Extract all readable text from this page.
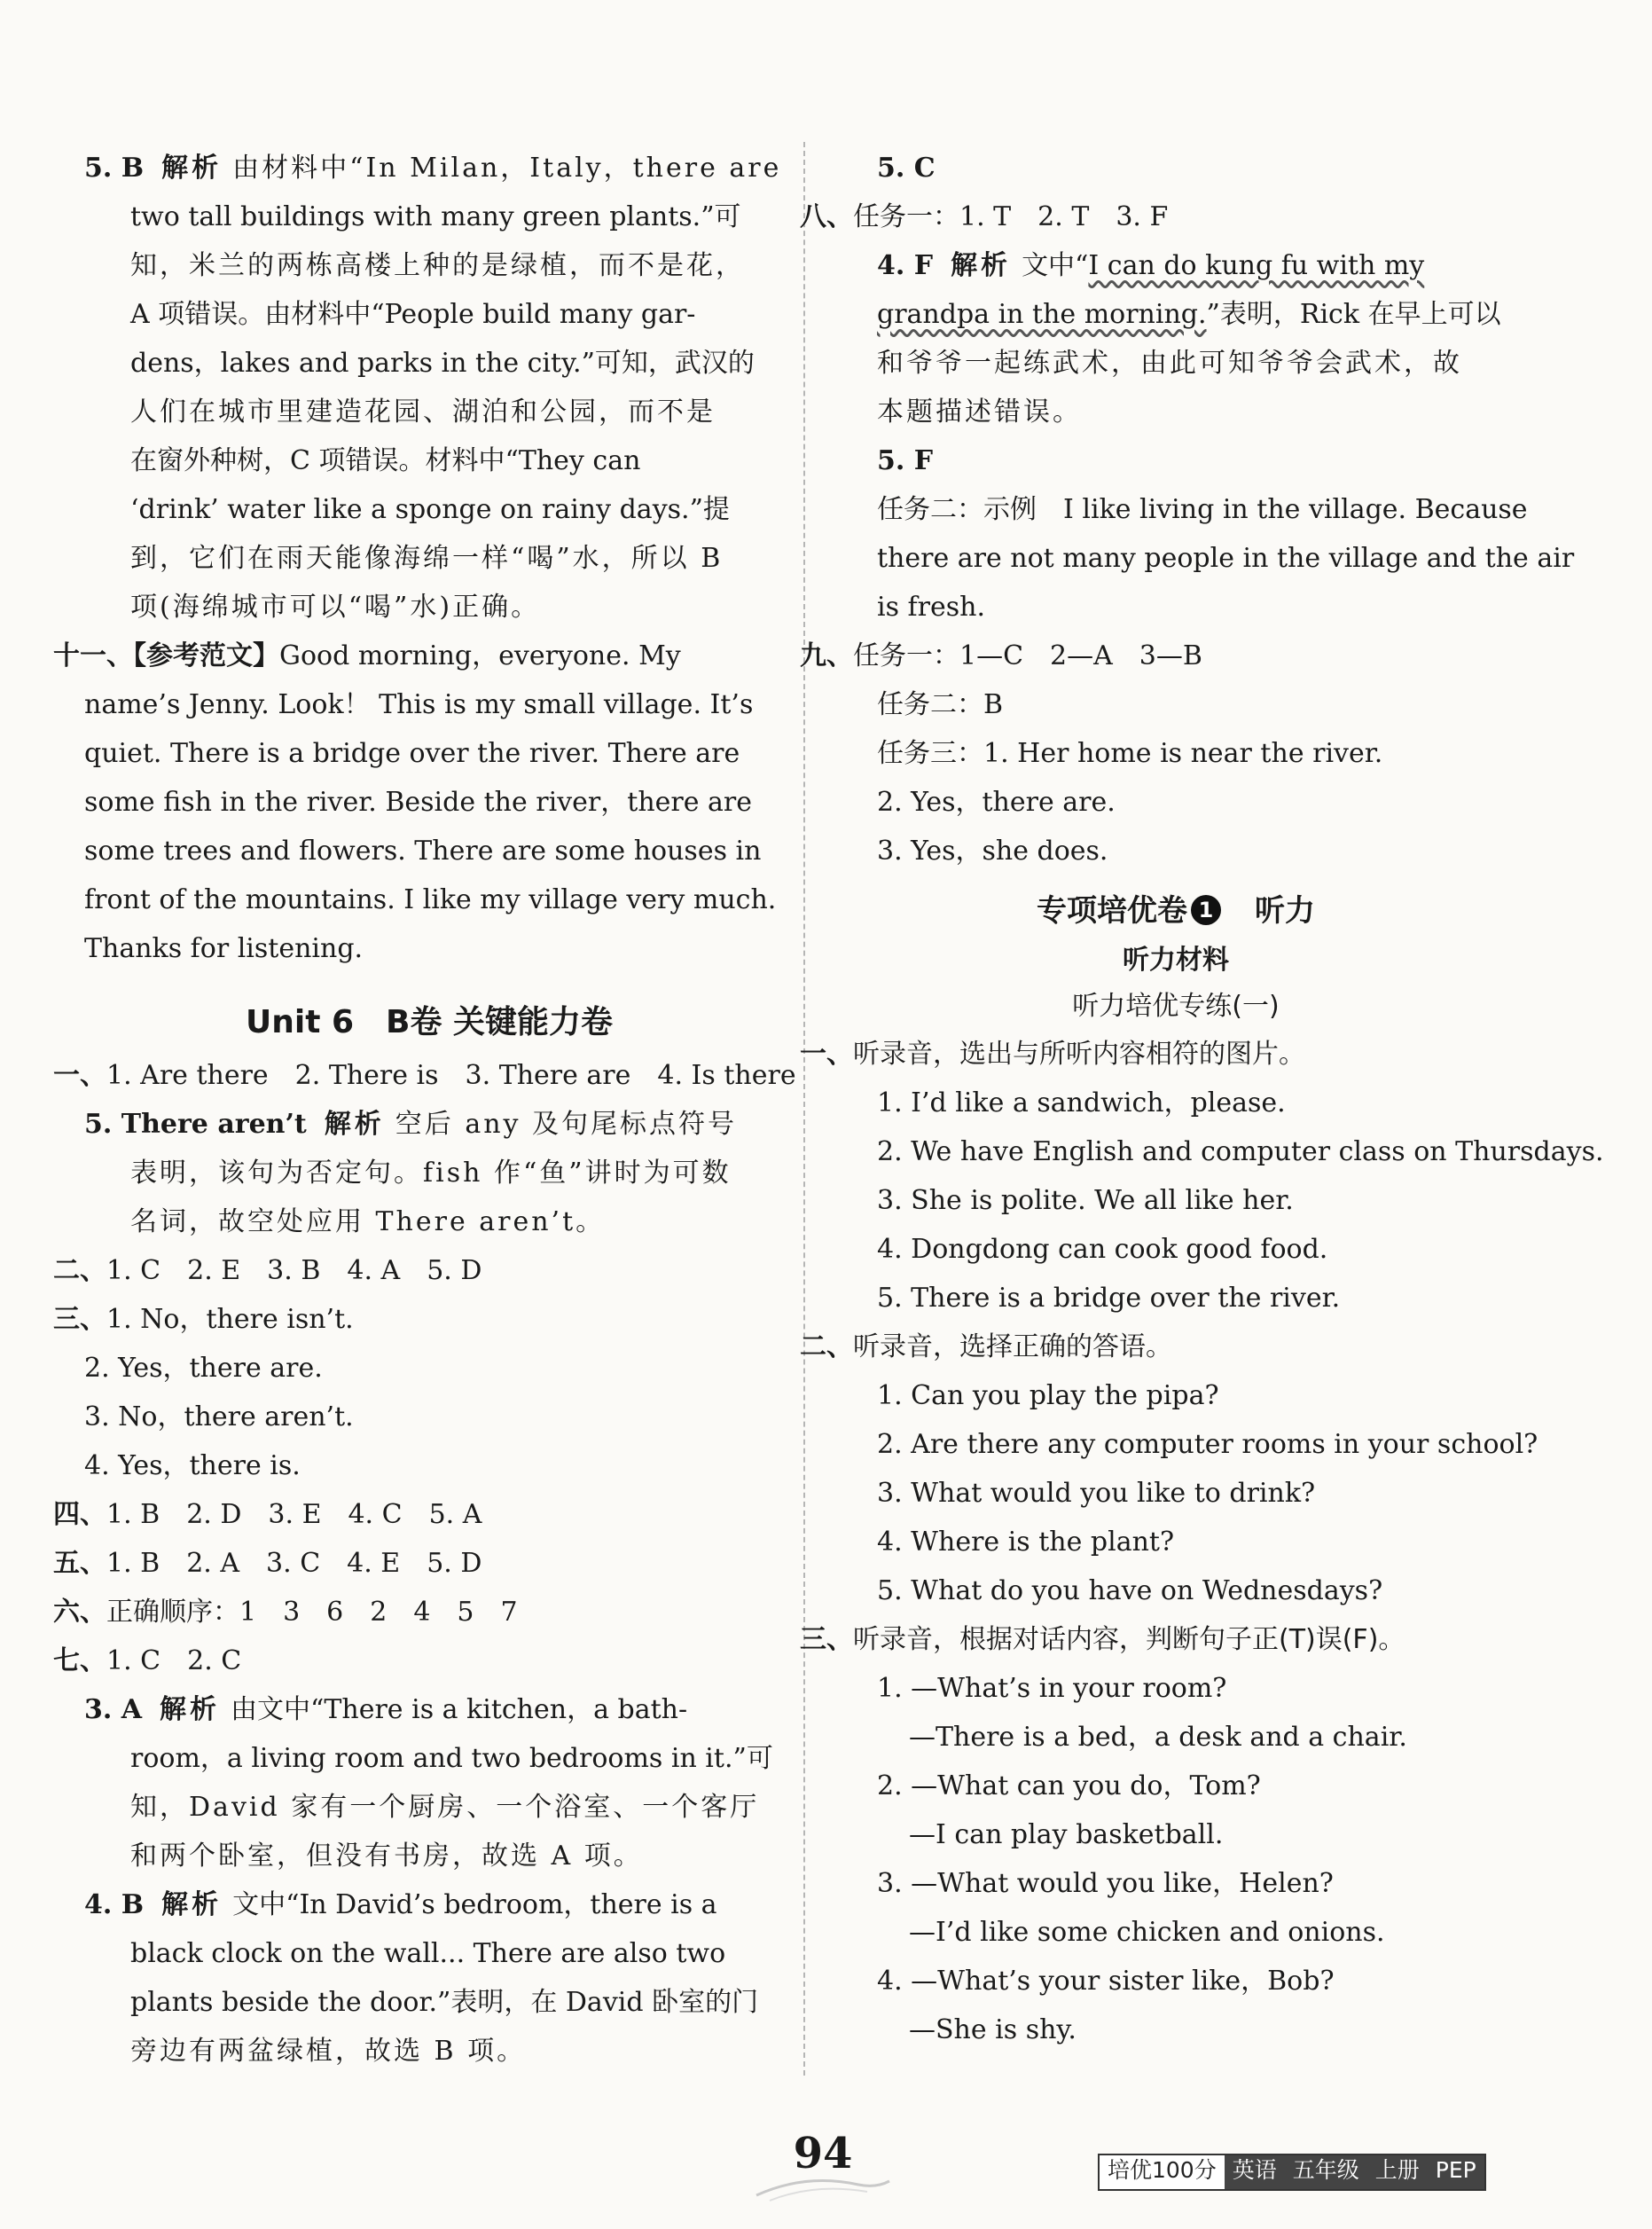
5. B 解析 由材料中“In Milan，Italy，there are
two tall buildings with many green plants.”可
知，米兰的两栋高楼上种的是绿植，而不是花，
A 项错误。由材料中“People build many gar-
dens，lakes and parks in the city.”可知，武汉的
人们在城市里建造花园、湖泊和公园，而不是
在窗外种树，C 项错误。材料中“They can
‘drink’ water like a sponge on rainy days.”提
到，它们在雨天能像海绵一样“喝”水，所以 B
项(海绵城市可以“喝”水)正确。
十一、【参考范文】Good morning，everyone. My
name’s Jenny. Look！ This is my small village. It’s
quiet. There is a bridge over the river. There are
some fish in the river. Beside the river，there are
some trees and flowers. There are some houses in
front of the mountains. I like my village very much.
Thanks for listening.
Unit 6　B卷 关键能力卷
一、1. Are there　2. There is　3. There are　4. Is there
5. There aren’t 解析 空后 any 及句尾标点符号
表明，该句为否定句。fish 作“鱼”讲时为可数
名词，故空处应用 There aren’t。
二、1. C　2. E　3. B　4. A　5. D
三、1. No，there isn’t.
2. Yes，there are.
3. No，there aren’t.
4. Yes，there is.
四、1. B　2. D　3. E　4. C　5. A
五、1. B　2. A　3. C　4. E　5. D
六、正确顺序：1　3　6　2　4　5　7
七、1. C　2. C
3. A 解析 由文中“There is a kitchen，a bath-
room，a living room and two bedrooms in it.”可
知，David 家有一个厨房、一个浴室、一个客厅
和两个卧室，但没有书房，故选 A 项。
4. B 解析 文中“In David’s bedroom，there is a
black clock on the wall... There are also two
plants beside the door.”表明，在 David 卧室的门
旁边有两盆绿植，故选 B 项。
5. C
八、任务一：1. T　2. T　3. F
4. F 解析 文中“I can do kung fu with my
grandpa in the morning.”表明，Rick 在早上可以
和爷爷一起练武术，由此可知爷爷会武术，故
本题描述错误。
5. F
任务二：示例　I like living in the village. Because
there are not many people in the village and the air
is fresh.
九、任务一：1—C　2—A　3—B
任务二：B
任务三：1. Her home is near the river.
2. Yes，there are.
3. Yes，she does.
专项培优卷 1　 听力
听力材料
听力培优专练(一)
一、听录音，选出与所听内容相符的图片。
1. I’d like a sandwich，please.
2. We have English and computer class on Thursdays.
3. She is polite. We all like her.
4. Dongdong can cook good food.
5. There is a bridge over the river.
二、听录音，选择正确的答语。
1. Can you play the pipa?
2. Are there any computer rooms in your school?
3. What would you like to drink?
4. Where is the plant?
5. What do you have on Wednesdays?
三、听录音，根据对话内容，判断句子正(T)误(F)。
1. —What’s in your room?
—There is a bed，a desk and a chair.
2. —What can you do，Tom?
—I can play basketball.
3. —What would you like，Helen?
—I’d like some chicken and onions.
4. —What’s your sister like，Bob?
—She is shy.
94	培优100分 英语 五年级 上册 PEP
